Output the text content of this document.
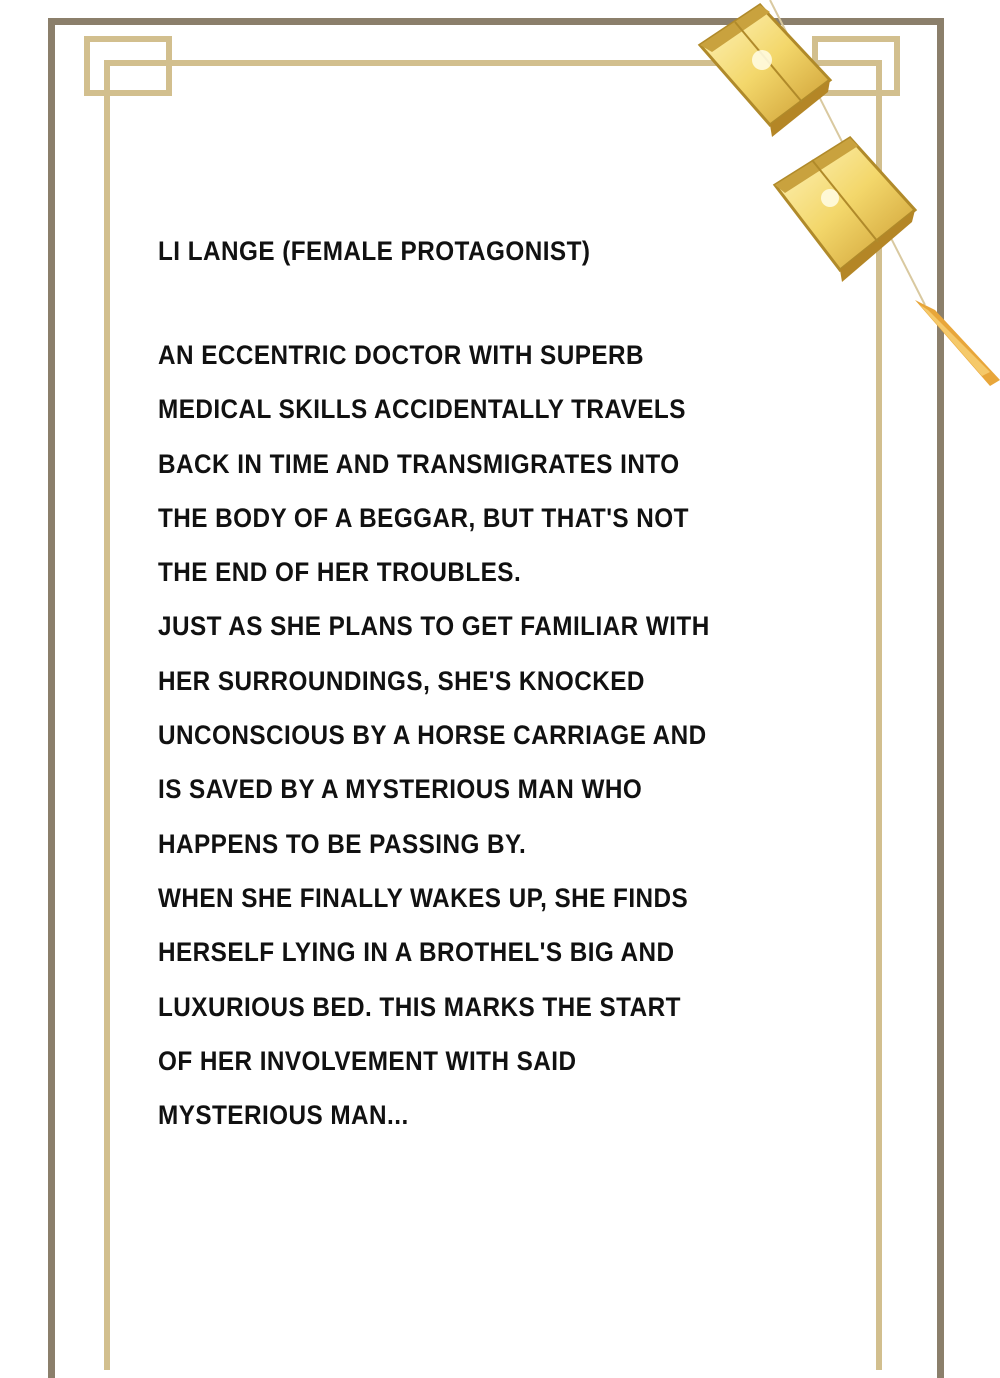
LI LANGE (FEMALE PROTAGONIST)
AN ECCENTRIC DOCTOR WITH SUPERB
MEDICAL SKILLS ACCIDENTALLY TRAVELS
BACK IN TIME AND TRANSMIGRATES INTO
THE BODY OF A BEGGAR, BUT THAT'S NOT
THE END OF HER TROUBLES.
JUST AS SHE PLANS TO GET FAMILIAR WITH
HER SURROUNDINGS, SHE'S KNOCKED
UNCONSCIOUS BY A HORSE CARRIAGE AND
IS SAVED BY A MYSTERIOUS MAN WHO
HAPPENS TO BE PASSING BY.
WHEN SHE FINALLY WAKES UP, SHE FINDS
HERSELF LYING IN A BROTHEL'S BIG AND
LUXURIOUS BED. THIS MARKS THE START
OF HER INVOLVEMENT WITH SAID
MYSTERIOUS MAN...
